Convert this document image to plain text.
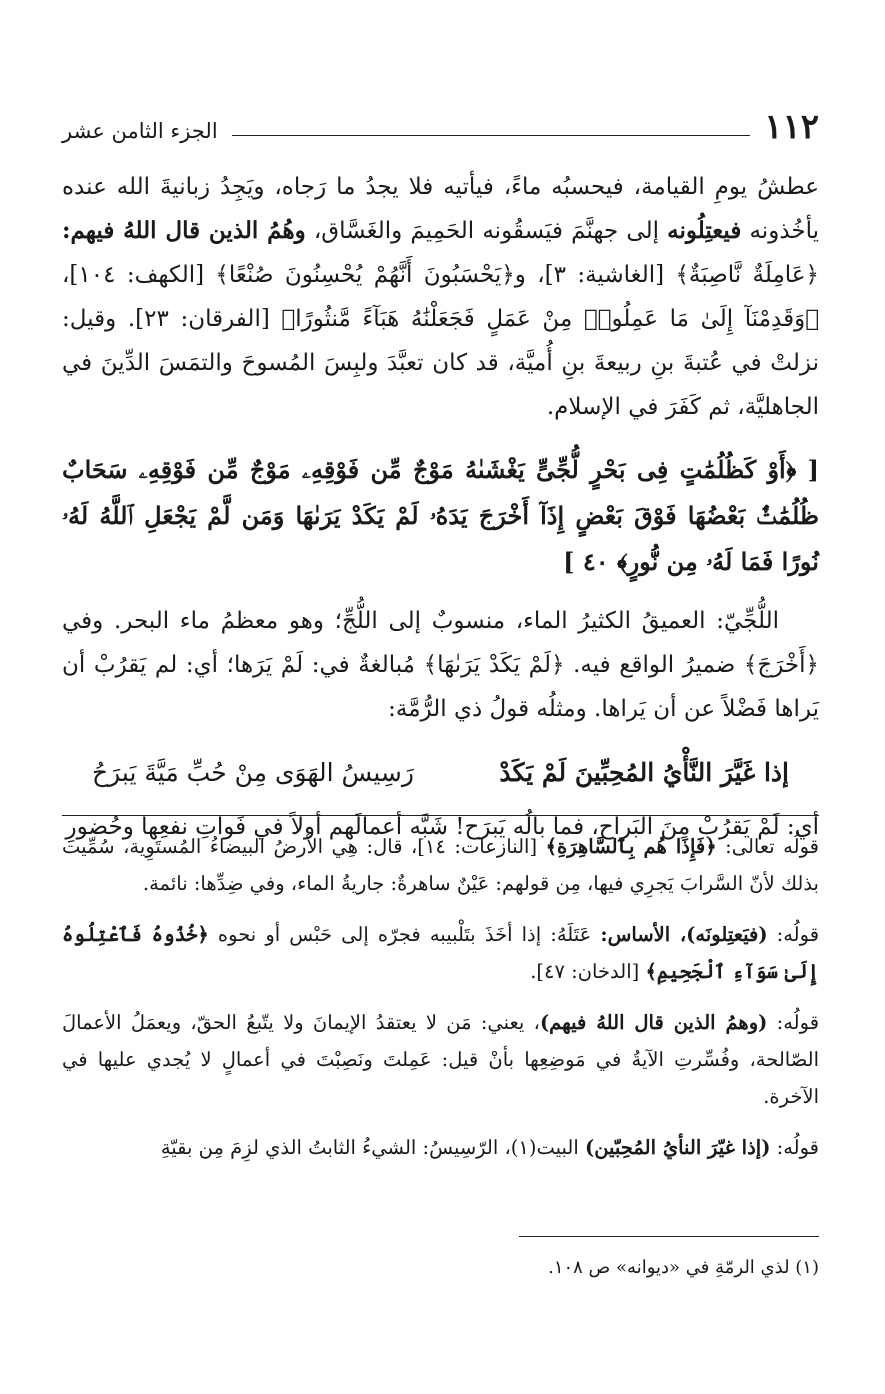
١١٢
الجزء الثامن عشر

عطشُ يومِ القيامة، فيحسبُه ماءً، فيأتيه فلا يجدُ ما رَجاه، ويَجِدُ زبانيةَ الله عنده يأخُذونه فيعتِلُونه إلى جهنَّمَ فيَسقُونه الحَمِيمَ والغَسَّاق، وهُمُ الذين قال اللهُ فيهم: ﴿عَامِلَةٌ نَّاصِبَةٌ﴾ [الغاشية: ٣]، و﴿يَحْسَبُونَ أَنَّهُمْ يُحْسِنُونَ صُنْعًا﴾ [الكهف: ١٠٤]، ﴿وَقَدِمْنَآ إِلَىٰ مَا عَمِلُوا۟ مِنْ عَمَلٍ فَجَعَلْنَٰهُ هَبَآءً مَّنثُورًا﴾ [الفرقان: ٢٣]. وقيل: نزلتْ في عُتبةَ بنِ ربيعةَ بنِ أُميَّة، قد كان تعبَّدَ ولبِسَ المُسوحَ والتمَسَ الدِّينَ في الجاهليَّة، ثم كَفَرَ في الإسلام.

[ ﴿أَوْ كَظُلُمَٰتٍ فِى بَحْرٍ لُّجِّىٍّ يَغْشَىٰهُ مَوْجٌ مِّن فَوْقِهِۦ مَوْجٌ مِّن فَوْقِهِۦ سَحَابٌ ظُلُمَٰتٌۢ بَعْضُهَا فَوْقَ بَعْضٍ إِذَآ أَخْرَجَ يَدَهُۥ لَمْ يَكَدْ يَرَىٰهَا وَمَن لَّمْ يَجْعَلِ ٱللَّهُ لَهُۥ نُورًا فَمَا لَهُۥ مِن نُّورٍ﴾ ٤٠ ]

اللُّجِّيّ: العميقُ الكثيرُ الماء، منسوبٌ إلى اللُّجِّ؛ وهو معظمُ ماء البحر. وفي ﴿أَخْرَجَ﴾ ضميرُ الواقع فيه. ﴿لَمْ يَكَدْ يَرَىٰهَا﴾ مُبالغةٌ في: لَمْ يَرَها؛ أي: لم يَقرُبْ أن يَراها فَضْلاً عن أن يَراها. ومثلُه قولُ ذي الرُّمَّة:

إذا غَيَّرَ النَّأْيُ المُحِبِّينَ لَمْ يَكَدْ
رَسِيسُ الهَوَى مِنْ حُبِّ مَيَّةَ يَبرَحُ

أي: لَمْ يَقرُبْ مِنَ البَراح، فما بالُه يَبرَح! شَبَّه أعمالَهم أولاً في فَواتِ نفعِها وحُضورِ

قولُه تعالى: ﴿فَإِذَا هُم بِٱلسَّاهِرَةِ﴾ [النازعات: ١٤]، قال: هِي الأرضُ البيضاءُ المُستَوِية، سُمِّيت بذلك لأنّ السَّرابَ يَجرِي فيها، مِن قولهم: عَيْنٌ ساهرةٌ: جاريةُ الماء، وفي ضِدِّها: نائمة.

قولُه: (فيَعتِلونَه)، الأساس: عَتَلَهُ: إذا أخَذَ بتَلْبيبه فجرّه إلى حَبْس أو نحوه ﴿خُذُوهُ فَٱعْتِلُوهُ إِلَىٰ سَوَآءِ ٱلْجَحِيمِ﴾ [الدخان: ٤٧].

قولُه: (وهمُ الذين قال اللهُ فيهم)، يعني: مَن لا يعتقدُ الإيمانَ ولا يتّبعُ الحقّ، ويعمَلُ الأعمالَ الصّالحة، وفُسِّرتِ الآيةُ في مَوضِعِها بأنْ قيل: عَمِلتَ ونَصِبْتَ في أعمالٍ لا يُجدي عليها في الآخرة.

قولُه: (إذا غيّرَ النأيُ المُحِبّين) البيت(١)، الرّسِيسُ: الشيءُ الثابتُ الذي لزِمَ مِن بقيّةِ

(١) لذي الرمّةِ في «ديوانه» ص ١٠٨.
